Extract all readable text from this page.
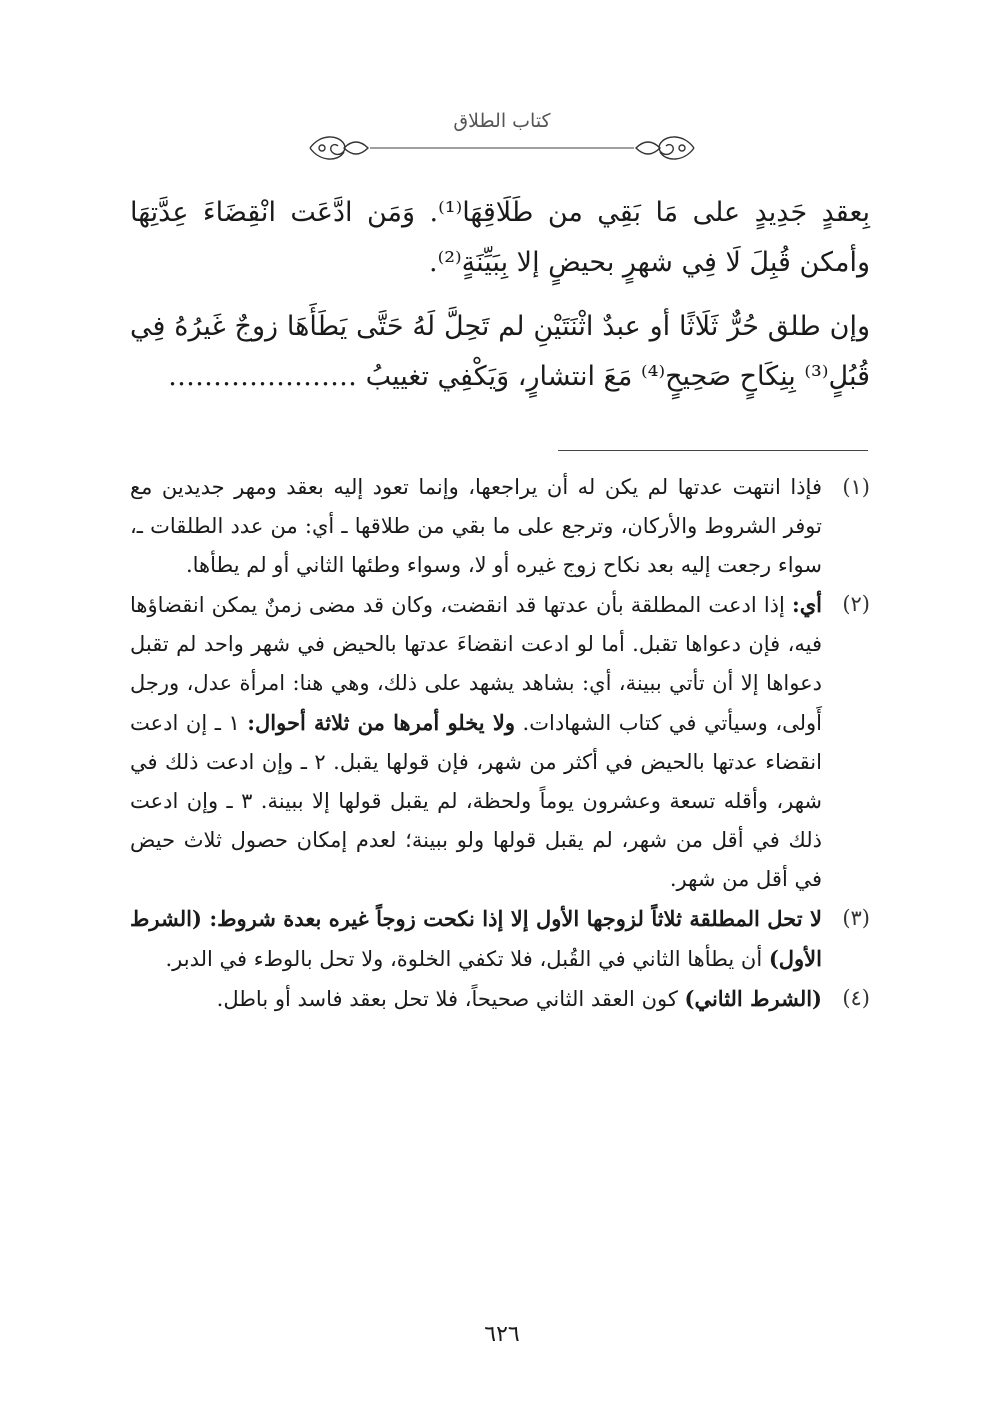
كتاب الطلاق

بِعقدٍ جَدِيدٍ على مَا بَقِي من طَلَاقِهَا⁽¹⁾. وَمَن ادَّعَت انْقِضَاءَ عِدَّتِهَا وأمكن قُبِلَ لَا فِي شهرٍ بحيضٍ إلا بِبَيِّنَةٍ⁽²⁾.

وإن طلق حُرٌّ ثَلَاثًا أو عبدٌ اثْنَتَيْنِ لم تَحِلَّ لَهُ حَتَّى يَطَأَهَا زوجٌ غَيرُهُ فِي قُبُلٍ⁽³⁾ بِنِكَاحٍ صَحِيحٍ⁽⁴⁾ مَعَ انتشارٍ، وَيَكْفِي تغييبُ …………………

(١)

فإذا انتهت عدتها لم يكن له أن يراجعها، وإنما تعود إليه بعقد ومهر جديدين مع توفر الشروط والأركان، وترجع على ما بقي من طلاقها ـ أي: من عدد الطلقات ـ، سواء رجعت إليه بعد نكاح زوج غيره أو لا، وسواء وطئها الثاني أو لم يطأها.

(٢)

أي: إذا ادعت المطلقة بأن عدتها قد انقضت، وكان قد مضى زمنٌ يمكن انقضاؤها فيه، فإن دعواها تقبل. أما لو ادعت انقضاءَ عدتها بالحيض في شهر واحد لم تقبل دعواها إلا أن تأتي ببينة، أي: بشاهد يشهد على ذلك، وهي هنا: امرأة عدل، ورجل أَولى، وسيأتي في كتاب الشهادات. ولا يخلو أمرها من ثلاثة أحوال: ١ ـ إن ادعت انقضاء عدتها بالحيض في أكثر من شهر، فإن قولها يقبل. ٢ ـ وإن ادعت ذلك في شهر، وأقله تسعة وعشرون يوماً ولحظة، لم يقبل قولها إلا ببينة. ٣ ـ وإن ادعت ذلك في أقل من شهر، لم يقبل قولها ولو ببينة؛ لعدم إمكان حصول ثلاث حيض في أقل من شهر.

(٣)

لا تحل المطلقة ثلاثاً لزوجها الأول إلا إذا نكحت زوجاً غيره بعدة شروط: (الشرط الأول) أن يطأها الثاني في القُبل، فلا تكفي الخلوة، ولا تحل بالوطء في الدبر.

(٤)

(الشرط الثاني) كون العقد الثاني صحيحاً، فلا تحل بعقد فاسد أو باطل.

٦٢٦
